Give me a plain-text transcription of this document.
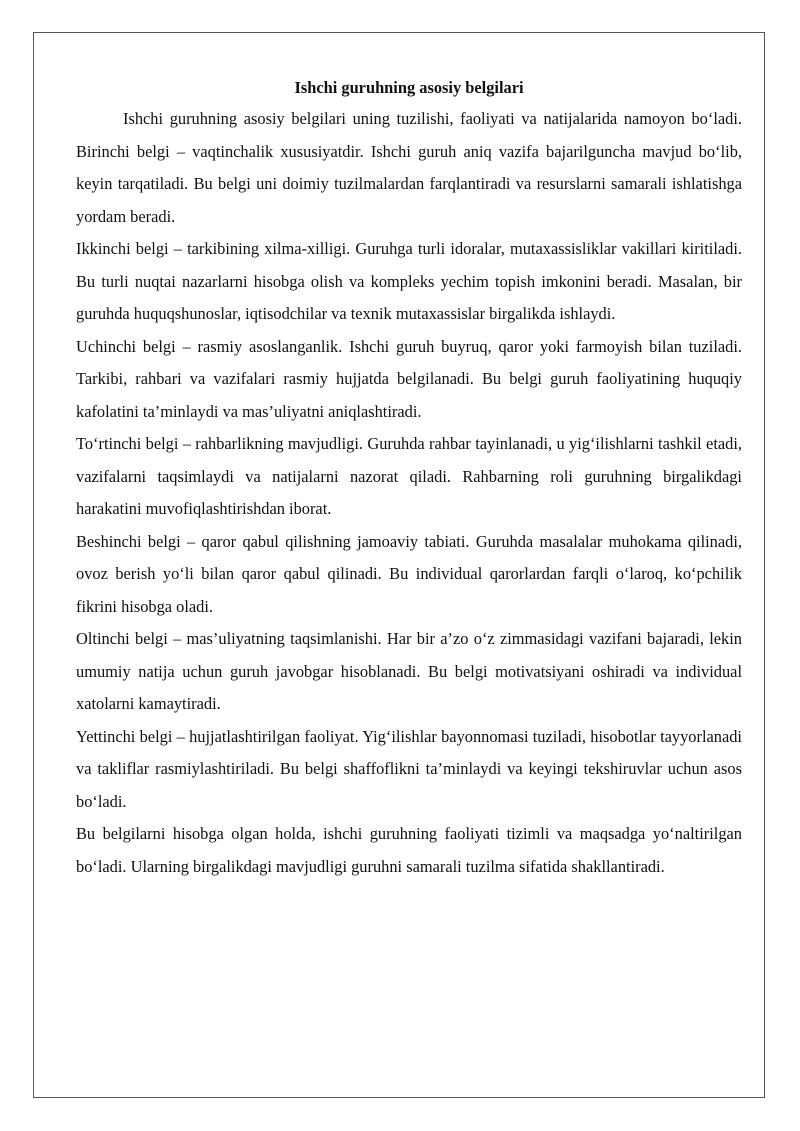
Ishchi guruhning asosiy belgilari

Ishchi guruhning asosiy belgilari uning tuzilishi, faoliyati va natijalarida namoyon bo‘ladi. Birinchi belgi – vaqtinchalik xususiyatdir. Ishchi guruh aniq vazifa bajarilguncha mavjud bo‘lib, keyin tarqatiladi. Bu belgi uni doimiy tuzilmalardan farqlantiradi va resurslarni samarali ishlatishga yordam beradi.

Ikkinchi belgi – tarkibining xilma-xilligi. Guruhga turli idoralar, mutaxassisliklar vakillari kiritiladi. Bu turli nuqtai nazarlarni hisobga olish va kompleks yechim topish imkonini beradi. Masalan, bir guruhda huquqshunoslar, iqtisodchilar va texnik mutaxassislar birgalikda ishlaydi.

Uchinchi belgi – rasmiy asoslanganlik. Ishchi guruh buyruq, qaror yoki farmoyish bilan tuziladi. Tarkibi, rahbari va vazifalari rasmiy hujjatda belgilanadi. Bu belgi guruh faoliyatining huquqiy kafolatini ta’minlaydi va mas’uliyatni aniqlashtiradi.

To‘rtinchi belgi – rahbarlikning mavjudligi. Guruhda rahbar tayinlanadi, u yig‘ilishlarni tashkil etadi, vazifalarni taqsimlaydi va natijalarni nazorat qiladi. Rahbarning roli guruhning birgalikdagi harakatini muvofiqlashtirishdan iborat.

Beshinchi belgi – qaror qabul qilishning jamoaviy tabiati. Guruhda masalalar muhokama qilinadi, ovoz berish yo‘li bilan qaror qabul qilinadi. Bu individual qarorlardan farqli o‘laroq, ko‘pchilik fikrini hisobga oladi.

Oltinchi belgi – mas’uliyatning taqsimlanishi. Har bir a’zo o‘z zimmasidagi vazifani bajaradi, lekin umumiy natija uchun guruh javobgar hisoblanadi. Bu belgi motivatsiyani oshiradi va individual xatolarni kamaytiradi.

Yettinchi belgi – hujjatlashtirilgan faoliyat. Yig‘ilishlar bayonnomasi tuziladi, hisobotlar tayyorlanadi va takliflar rasmiylashtiriladi. Bu belgi shaffoflikni ta’minlaydi va keyingi tekshiruvlar uchun asos bo‘ladi.

Bu belgilarni hisobga olgan holda, ishchi guruhning faoliyati tizimli va maqsadga yo‘naltirilgan bo‘ladi. Ularning birgalikdagi mavjudligi guruhni samarali tuzilma sifatida shakllantiradi.
